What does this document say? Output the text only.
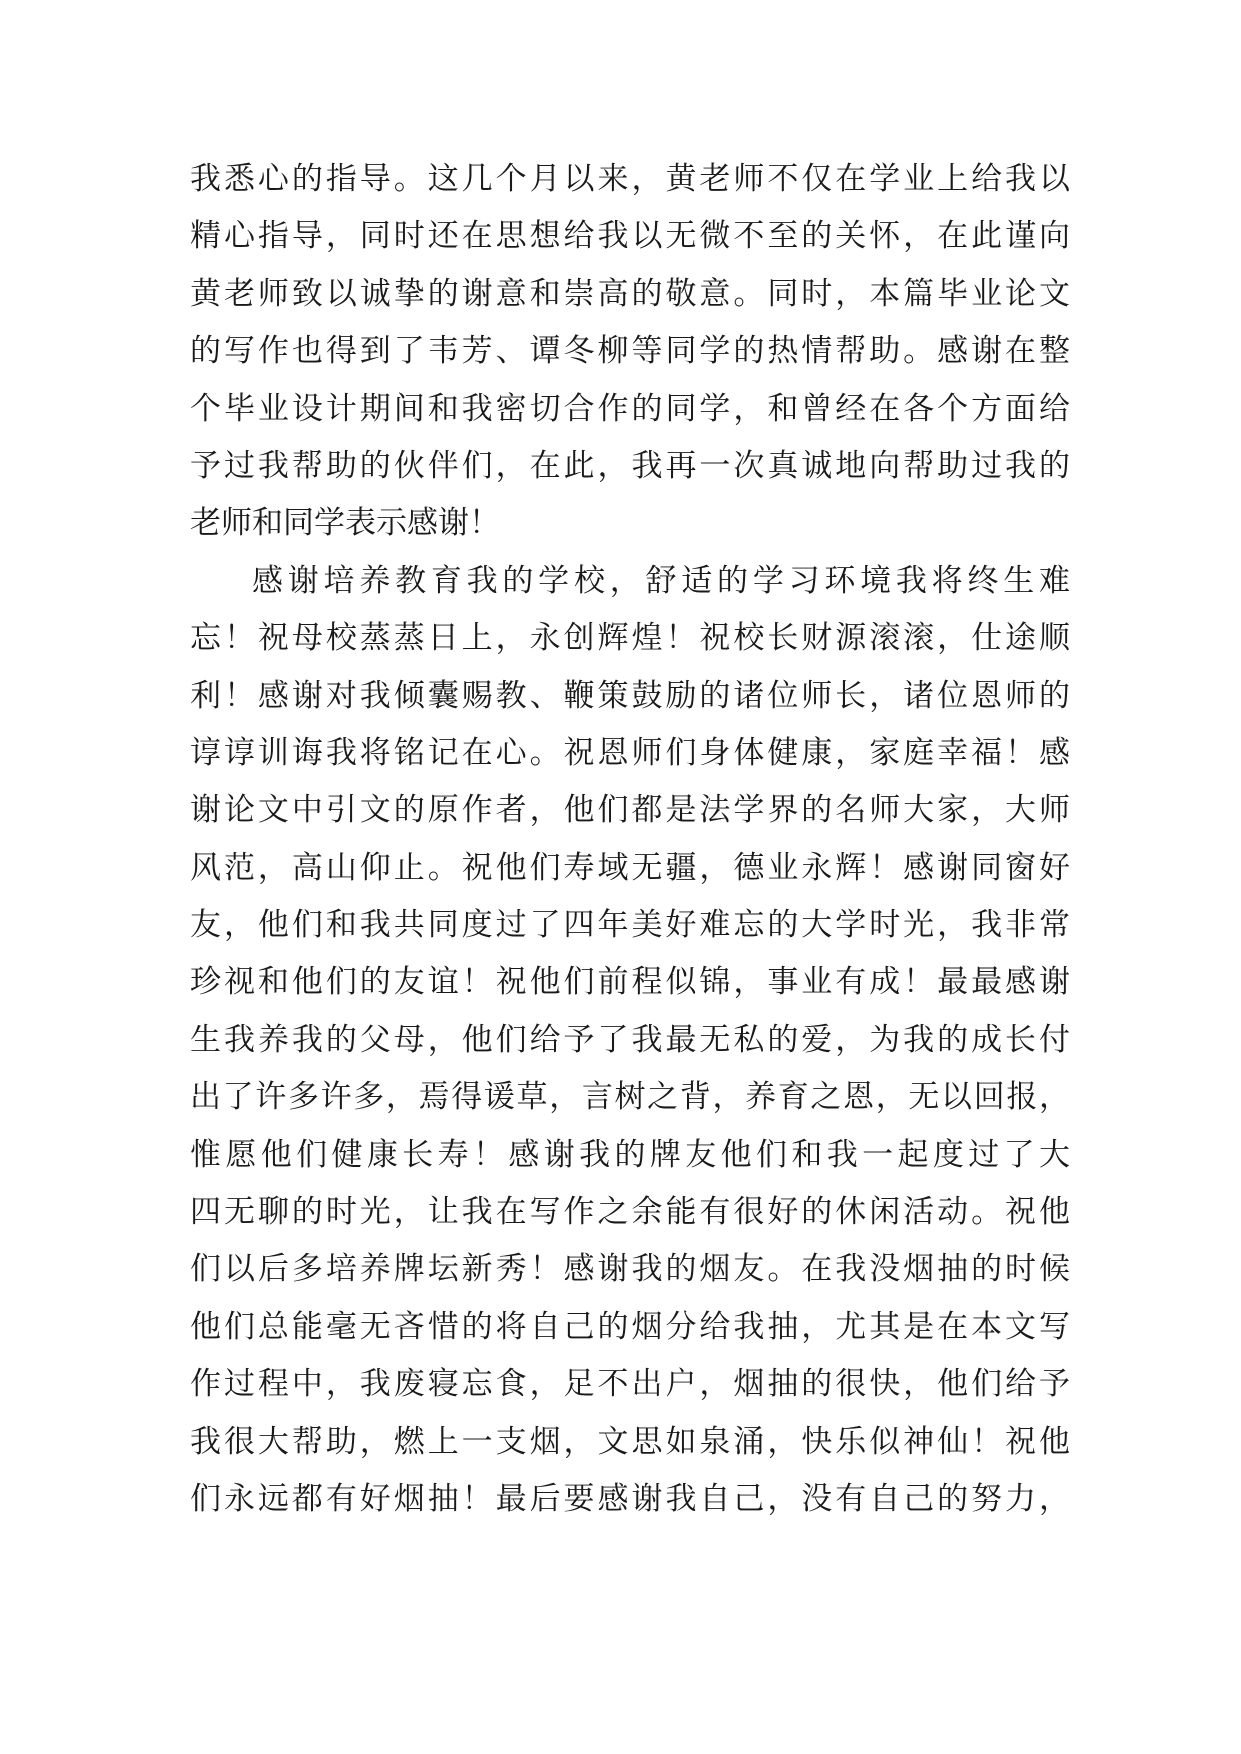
我悉心的指导。这几个月以来，黄老师不仅在学业上给我以
精心指导，同时还在思想给我以无微不至的关怀，在此谨向
黄老师致以诚挚的谢意和崇高的敬意。同时，本篇毕业论文
的写作也得到了韦芳、谭冬柳等同学的热情帮助。感谢在整
个毕业设计期间和我密切合作的同学，和曾经在各个方面给
予过我帮助的伙伴们，在此，我再一次真诚地向帮助过我的
老师和同学表示感谢！

感谢培养教育我的学校，舒适的学习环境我将终生难
忘！祝母校蒸蒸日上，永创辉煌！祝校长财源滚滚，仕途顺
利！感谢对我倾囊赐教、鞭策鼓励的诸位师长，诸位恩师的
谆谆训诲我将铭记在心。祝恩师们身体健康，家庭幸福！感
谢论文中引文的原作者，他们都是法学界的名师大家，大师
风范，高山仰止。祝他们寿域无疆，德业永辉！感谢同窗好
友，他们和我共同度过了四年美好难忘的大学时光，我非常
珍视和他们的友谊！祝他们前程似锦，事业有成！最最感谢
生我养我的父母，他们给予了我最无私的爱，为我的成长付
出了许多许多，焉得谖草，言树之背，养育之恩，无以回报，
惟愿他们健康长寿！感谢我的牌友他们和我一起度过了大
四无聊的时光，让我在写作之余能有很好的休闲活动。祝他
们以后多培养牌坛新秀！感谢我的烟友。在我没烟抽的时候
他们总能毫无吝惜的将自己的烟分给我抽，尤其是在本文写
作过程中，我废寝忘食，足不出户，烟抽的很快，他们给予
我很大帮助，燃上一支烟，文思如泉涌，快乐似神仙！祝他
们永远都有好烟抽！最后要感谢我自己，没有自己的努力，
